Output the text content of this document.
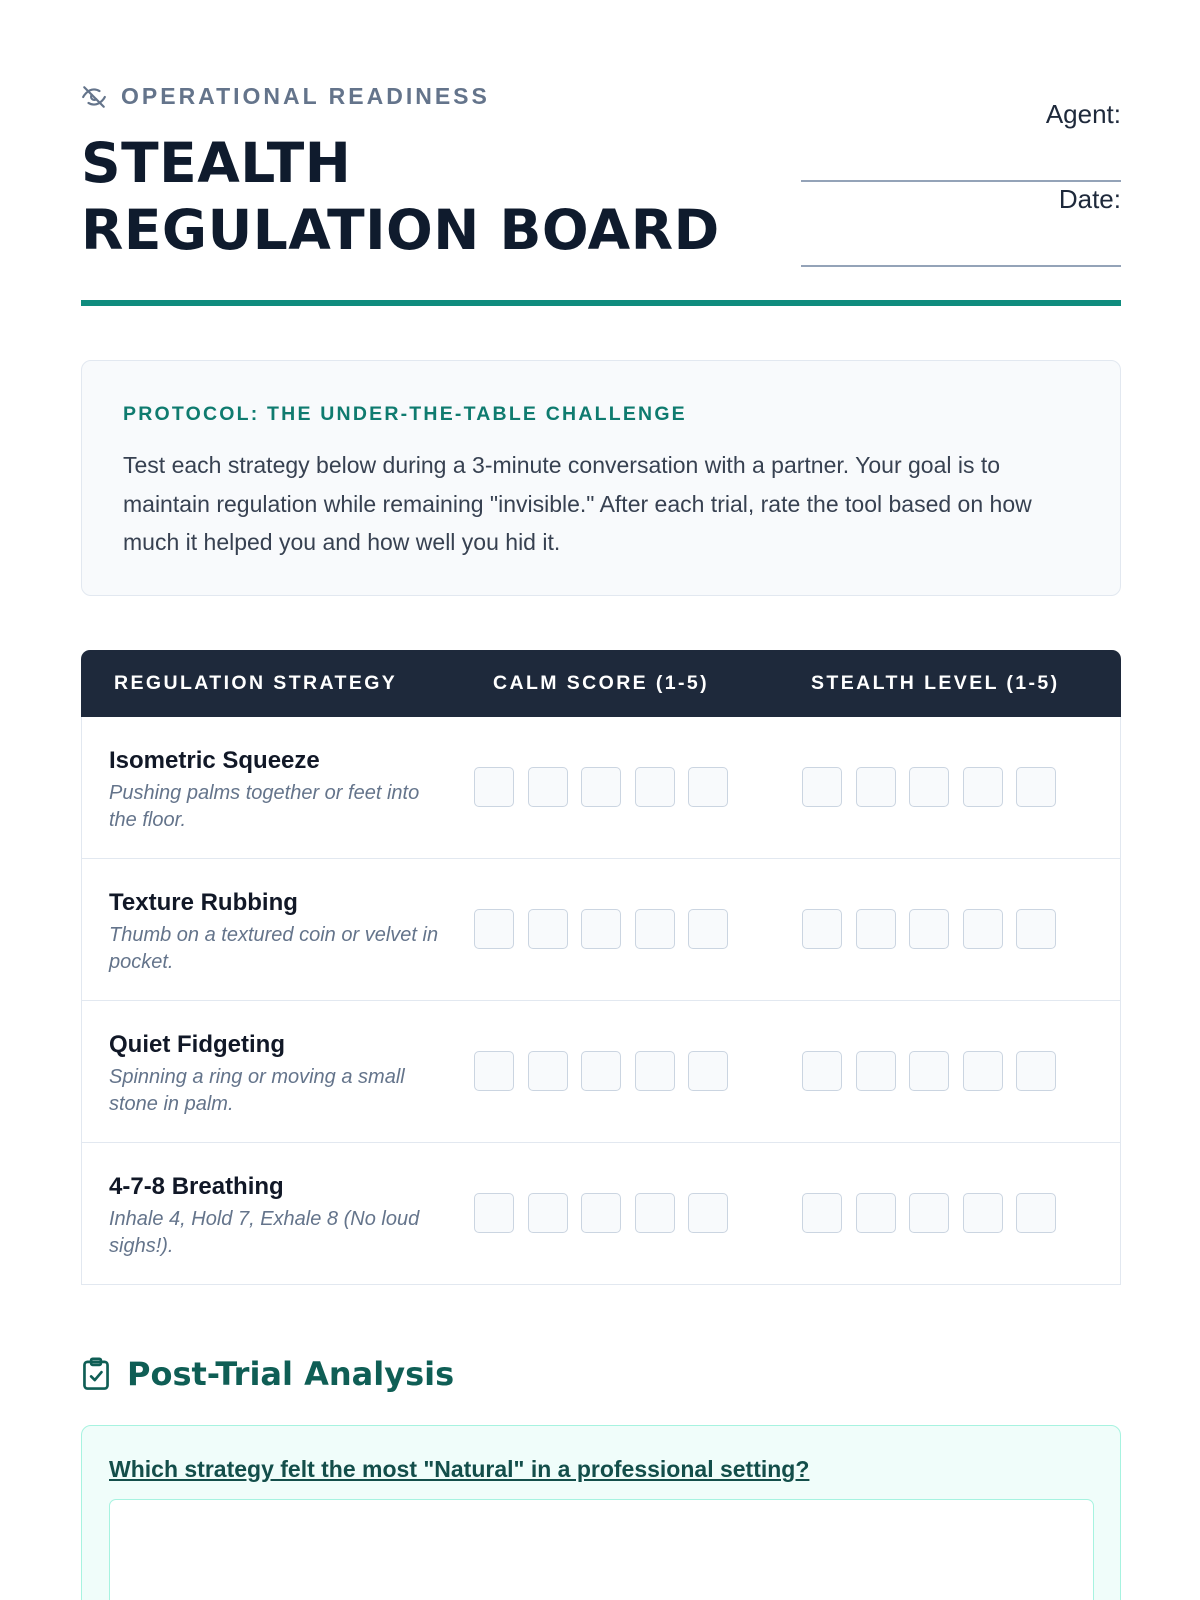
OPERATIONAL READINESS
STEALTH
REGULATION BOARD
Agent:
Date:
PROTOCOL: THE UNDER-THE-TABLE CHALLENGE

Test each strategy below during a 3-minute conversation with a partner. Your goal is to maintain regulation while remaining "invisible." After each trial, rate the tool based on how much it helped you and how well you hid it.

REGULATION STRATEGY	CALM SCORE (1-5)	STEALTH LEVEL (1-5)
Isometric Squeeze
Pushing palms together or feet into the floor.
Texture Rubbing
Thumb on a textured coin or velvet in pocket.
Quiet Fidgeting
Spinning a ring or moving a small stone in palm.
4-7-8 Breathing
Inhale 4, Hold 7, Exhale 8 (No loud sighs!).
Post-Trial Analysis
Which strategy felt the most "Natural" in a professional setting?
